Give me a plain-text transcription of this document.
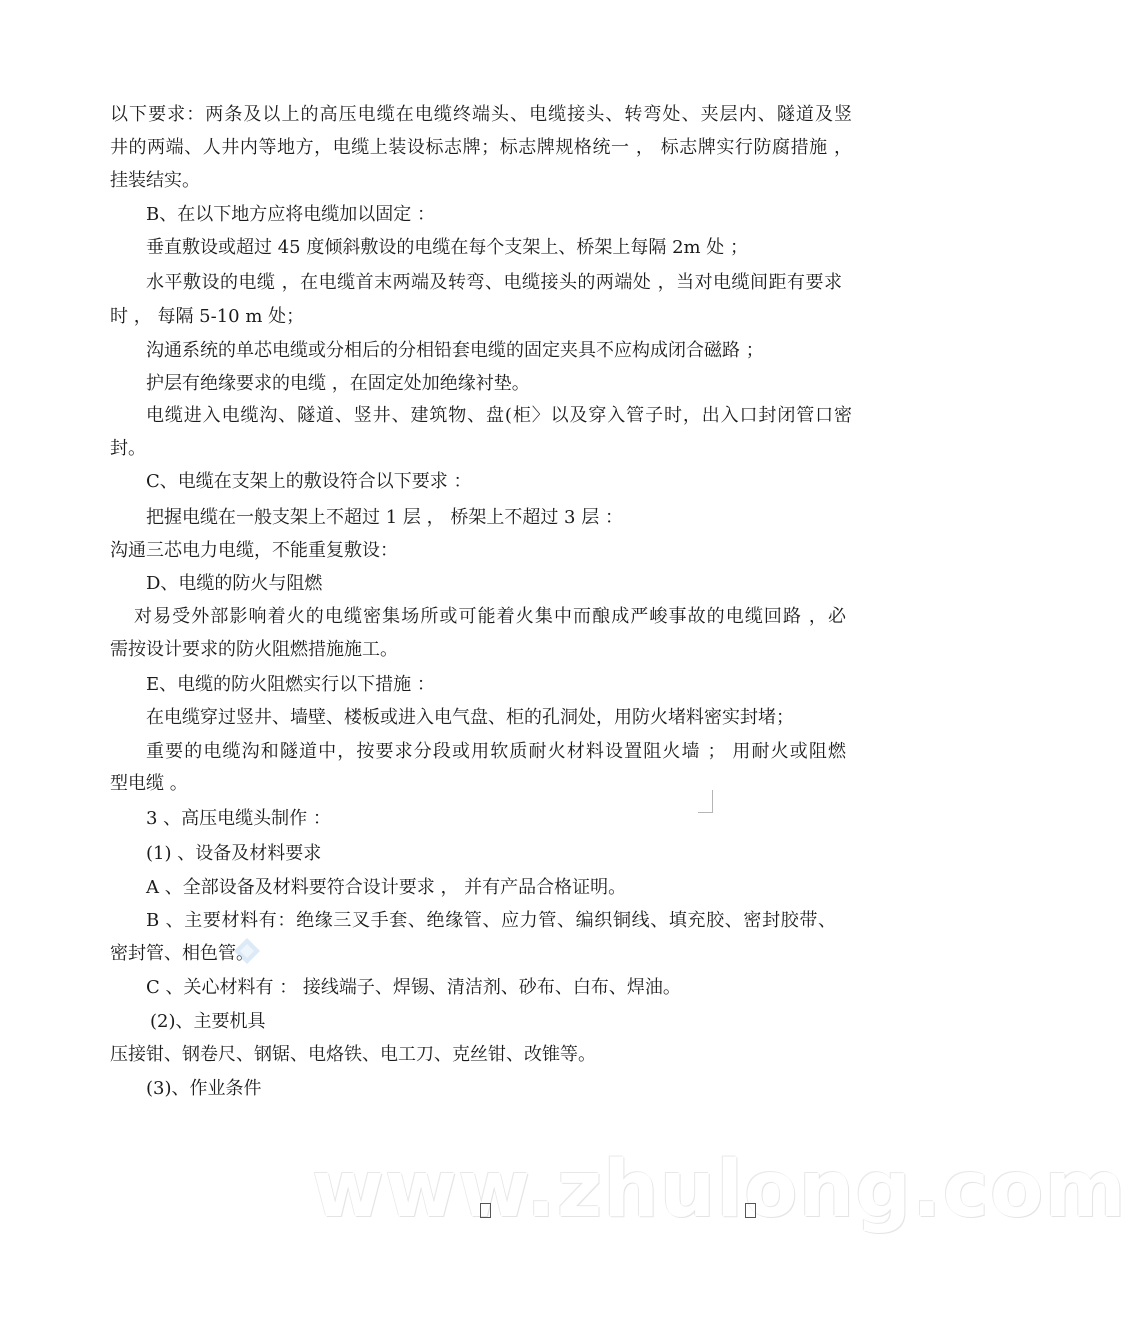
以下要求：两条及以上的高压电缆在电缆终端头、电缆接头、转弯处、夹层内、隧道及竖
井的两端、人井内等地方，电缆上装设标志牌；标志牌规格统一 ， 标志牌实行防腐措施 ，
挂装结实。
B、在以下地方应将电缆加以固定 ：
垂直敷设或超过 45 度倾斜敷设的电缆在每个支架上、桥架上每隔 2m 处 ；
水平敷设的电缆 ，在电缆首末两端及转弯、电缆接头的两端处 ，当对电缆间距有要求
时 ， 每隔 5-10 m 处；
沟通系统的单芯电缆或分相后的分相铅套电缆的固定夹具不应构成闭合磁路 ；
护层有绝缘要求的电缆 ，在固定处加绝缘衬垫。
电缆进入电缆沟、隧道、竖井、建筑物、盘(柜〉以及穿入管子时，出入口封闭管口密
封。
C、电缆在支架上的敷设符合以下要求 ：
把握电缆在一般支架上不超过 1 层 ， 桥架上不超过 3 层 ：
沟通三芯电力电缆，不能重复敷设：
D、电缆的防火与阻燃
对易受外部影响着火的电缆密集场所或可能着火集中而酿成严峻事故的电缆回路 ，必
需按设计要求的防火阻燃措施施工。
E、电缆的防火阻燃实行以下措施 ：
在电缆穿过竖井、墙壁、楼板或进入电气盘、柜的孔洞处，用防火堵料密实封堵；
重要的电缆沟和隧道中，按要求分段或用软质耐火材料设置阻火墙 ； 用耐火或阻燃
型电缆 。
3 、高压电缆头制作 ：
(1) 、设备及材料要求
A 、全部设备及材料要符合设计要求 ， 并有产品合格证明。
B 、主要材料有：绝缘三叉手套、绝缘管、应力管、编织铜线、填充胶、密封胶带、
密封管、相色管。
C 、关心材料有 ： 接线端子、焊锡、清洁剂、砂布、白布、焊油。
(2)、主要机具
压接钳、钢卷尺、钢锯、电烙铁、电工刀、克丝钳、改锥等。
(3)、作业条件
www.zhulong.com
